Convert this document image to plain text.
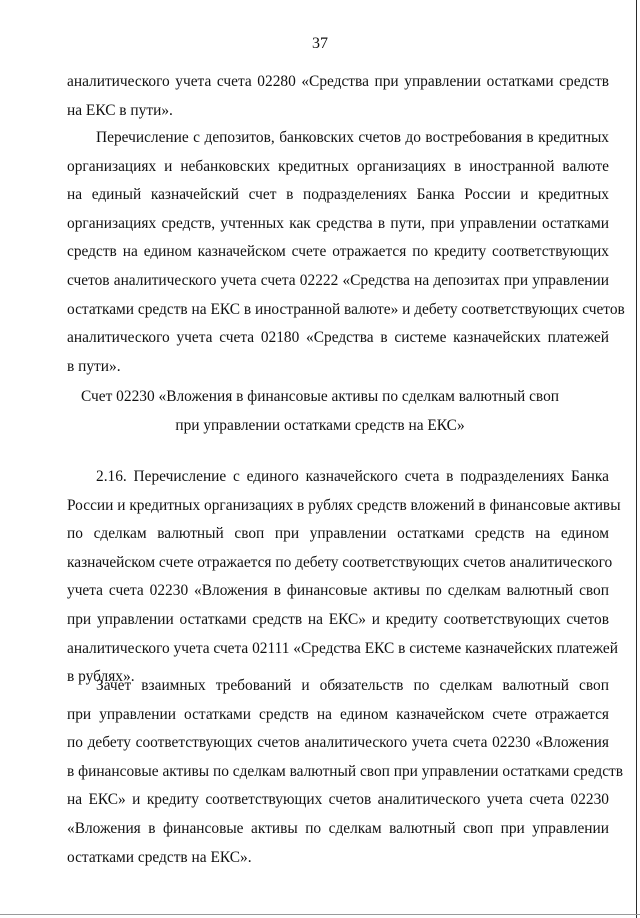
37
аналитического учета счета 02280 «Средства при управлении остатками средств
на ЕКС в пути».
Перечисление с депозитов, банковских счетов до востребования в кредитных
организациях и небанковских кредитных организациях в иностранной валюте
на единый казначейский счет в подразделениях Банка России и кредитных
организациях средств, учтенных как средства в пути, при управлении остатками
средств на едином казначейском счете отражается по кредиту соответствующих
счетов аналитического учета счета 02222 «Средства на депозитах при управлении
остатками средств на ЕКС в иностранной валюте» и дебету соответствующих счетов
аналитического учета счета 02180 «Средства в системе казначейских платежей
в пути».
Счет 02230 «Вложения в финансовые активы по сделкам валютный своп
при управлении остатками средств на ЕКС»
2.16. Перечисление с единого казначейского счета в подразделениях Банка
России и кредитных организациях в рублях средств вложений в финансовые активы
по сделкам валютный своп при управлении остатками средств на едином
казначейском счете отражается по дебету соответствующих счетов аналитического
учета счета 02230 «Вложения в финансовые активы по сделкам валютный своп
при управлении остатками средств на ЕКС» и кредиту соответствующих счетов
аналитического учета счета 02111 «Средства ЕКС в системе казначейских платежей
в рублях».
Зачет взаимных требований и обязательств по сделкам валютный своп
при управлении остатками средств на едином казначейском счете отражается
по дебету соответствующих счетов аналитического учета счета 02230 «Вложения
в финансовые активы по сделкам валютный своп при управлении остатками средств
на ЕКС» и кредиту соответствующих счетов аналитического учета счета 02230
«Вложения в финансовые активы по сделкам валютный своп при управлении
остатками средств на ЕКС».
